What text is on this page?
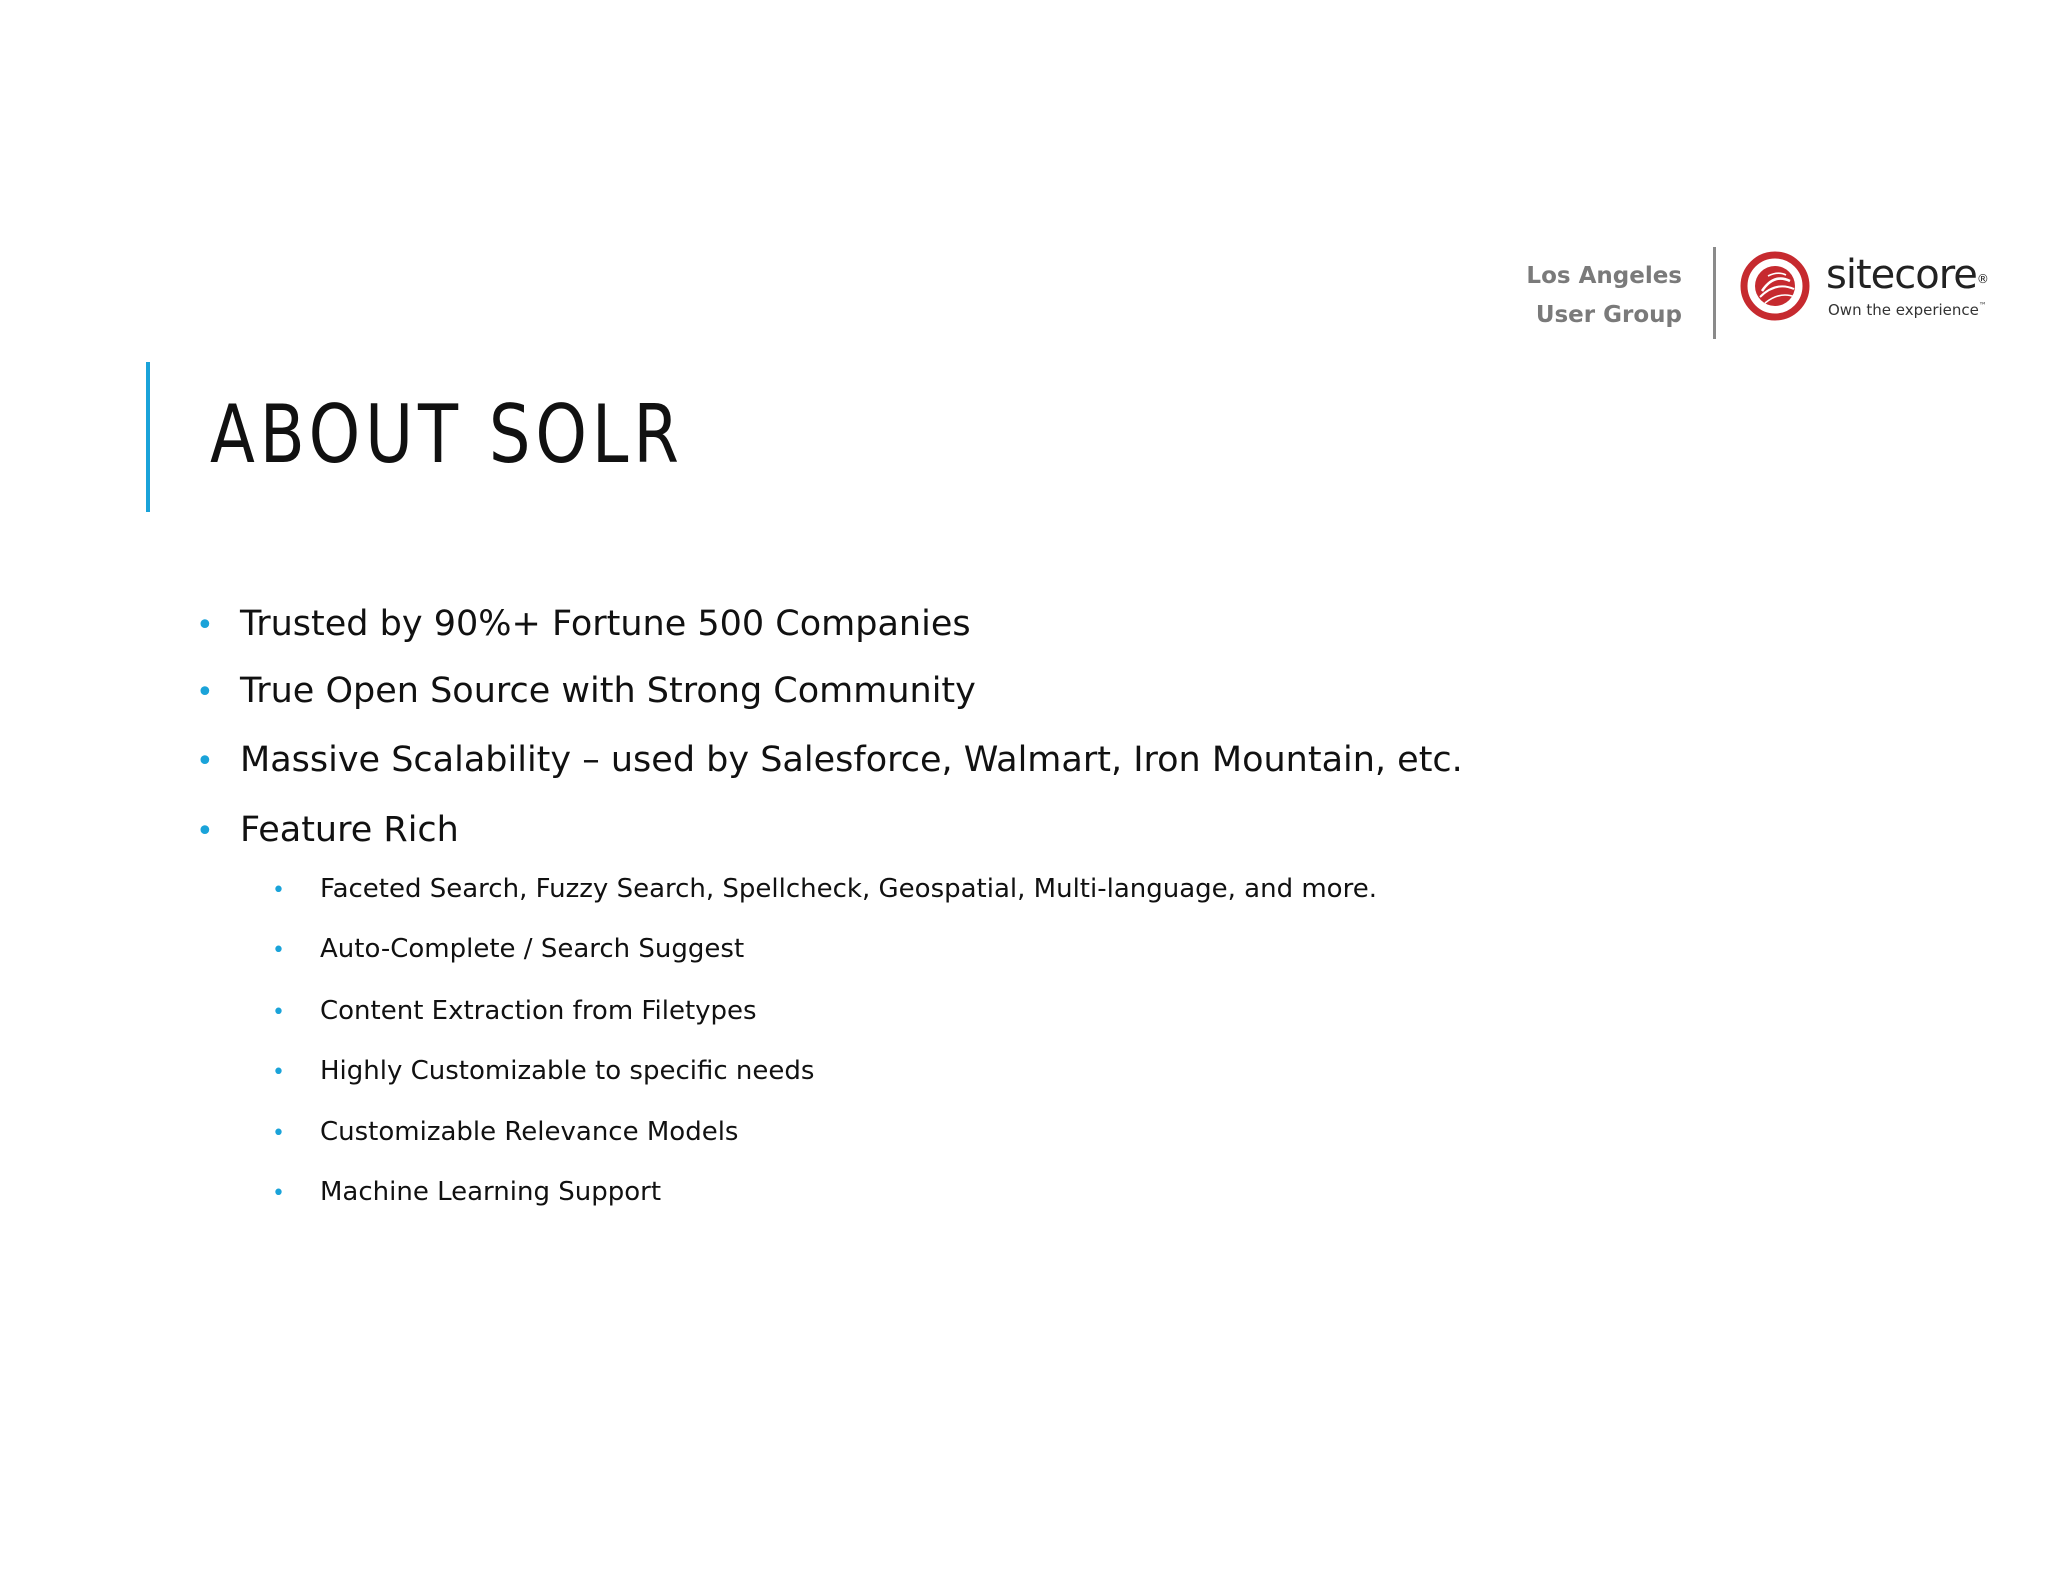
Los Angeles
User Group
sitecore®
Own the experience™
ABOUT SOLR
• Trusted by 90%+ Fortune 500 Companies
• True Open Source with Strong Community
• Massive Scalability – used by Salesforce, Walmart, Iron Mountain, etc.
• Feature Rich
• Faceted Search, Fuzzy Search, Spellcheck, Geospatial, Multi-language, and more.
• Auto-Complete / Search Suggest
• Content Extraction from Filetypes
• Highly Customizable to specific needs
• Customizable Relevance Models
• Machine Learning Support
